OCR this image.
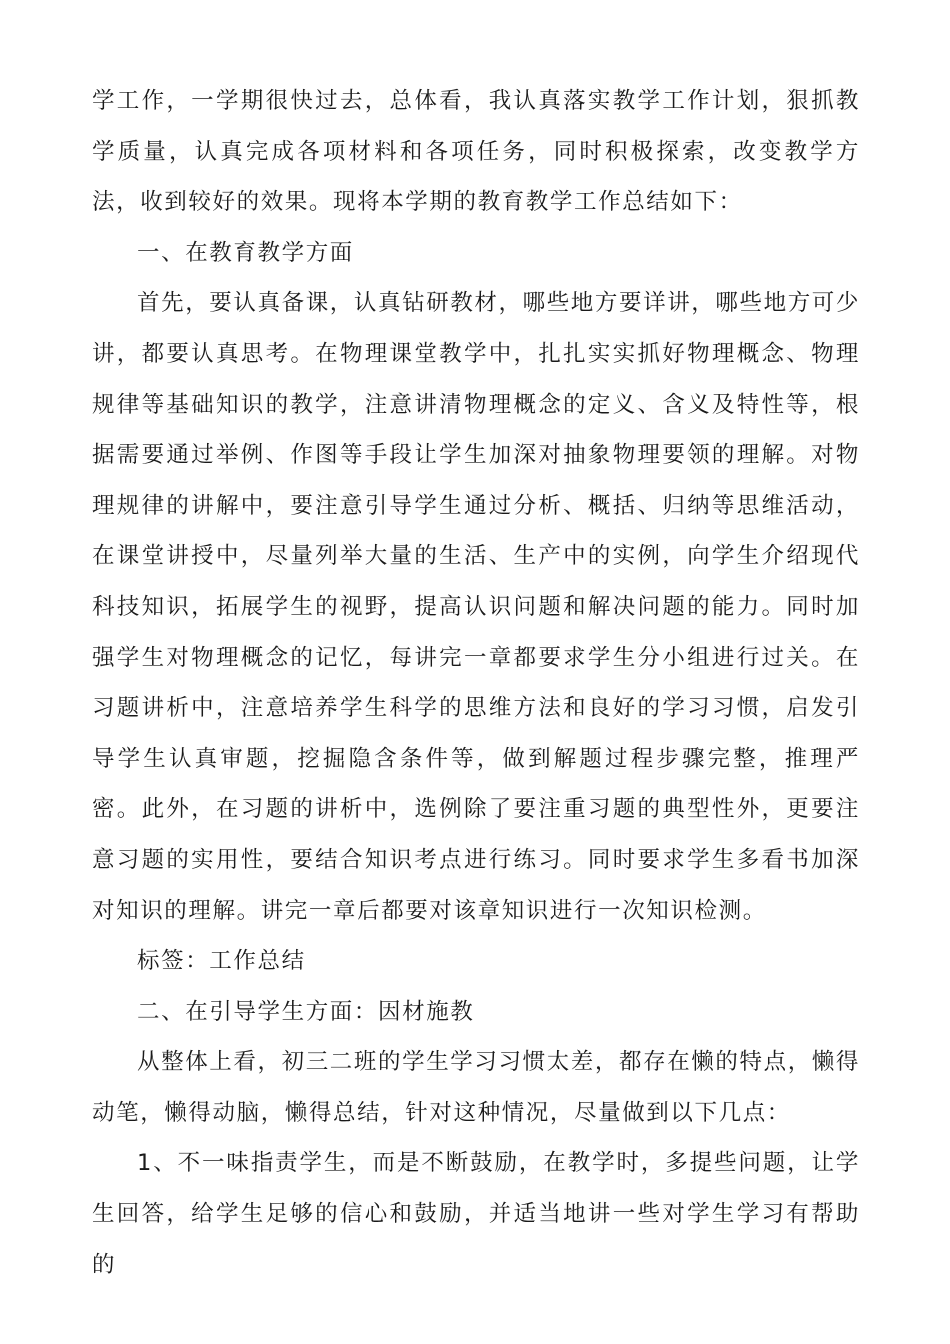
学工作，一学期很快过去，总体看，我认真落实教学工作计划，狠抓教学质量，认真完成各项材料和各项任务，同时积极探索，改变教学方法，收到较好的效果。现将本学期的教育教学工作总结如下：

一、在教育教学方面

首先，要认真备课，认真钻研教材，哪些地方要详讲，哪些地方可少讲，都要认真思考。在物理课堂教学中，扎扎实实抓好物理概念、物理规律等基础知识的教学，注意讲清物理概念的定义、含义及特性等，根据需要通过举例、作图等手段让学生加深对抽象物理要领的理解。对物理规律的讲解中，要注意引导学生通过分析、概括、归纳等思维活动，在课堂讲授中，尽量列举大量的生活、生产中的实例，向学生介绍现代科技知识，拓展学生的视野，提高认识问题和解决问题的能力。同时加强学生对物理概念的记忆，每讲完一章都要求学生分小组进行过关。在习题讲析中，注意培养学生科学的思维方法和良好的学习习惯，启发引导学生认真审题，挖掘隐含条件等，做到解题过程步骤完整，推理严密。此外，在习题的讲析中，选例除了要注重习题的典型性外，更要注意习题的实用性，要结合知识考点进行练习。同时要求学生多看书加深对知识的理解。讲完一章后都要对该章知识进行一次知识检测。

标签：工作总结

二、在引导学生方面：因材施教

从整体上看，初三二班的学生学习习惯太差，都存在懒的特点，懒得动笔，懒得动脑，懒得总结，针对这种情况，尽量做到以下几点：

1、不一味指责学生，而是不断鼓励，在教学时，多提些问题，让学生回答，给学生足够的信心和鼓励，并适当地讲一些对学生学习有帮助的
